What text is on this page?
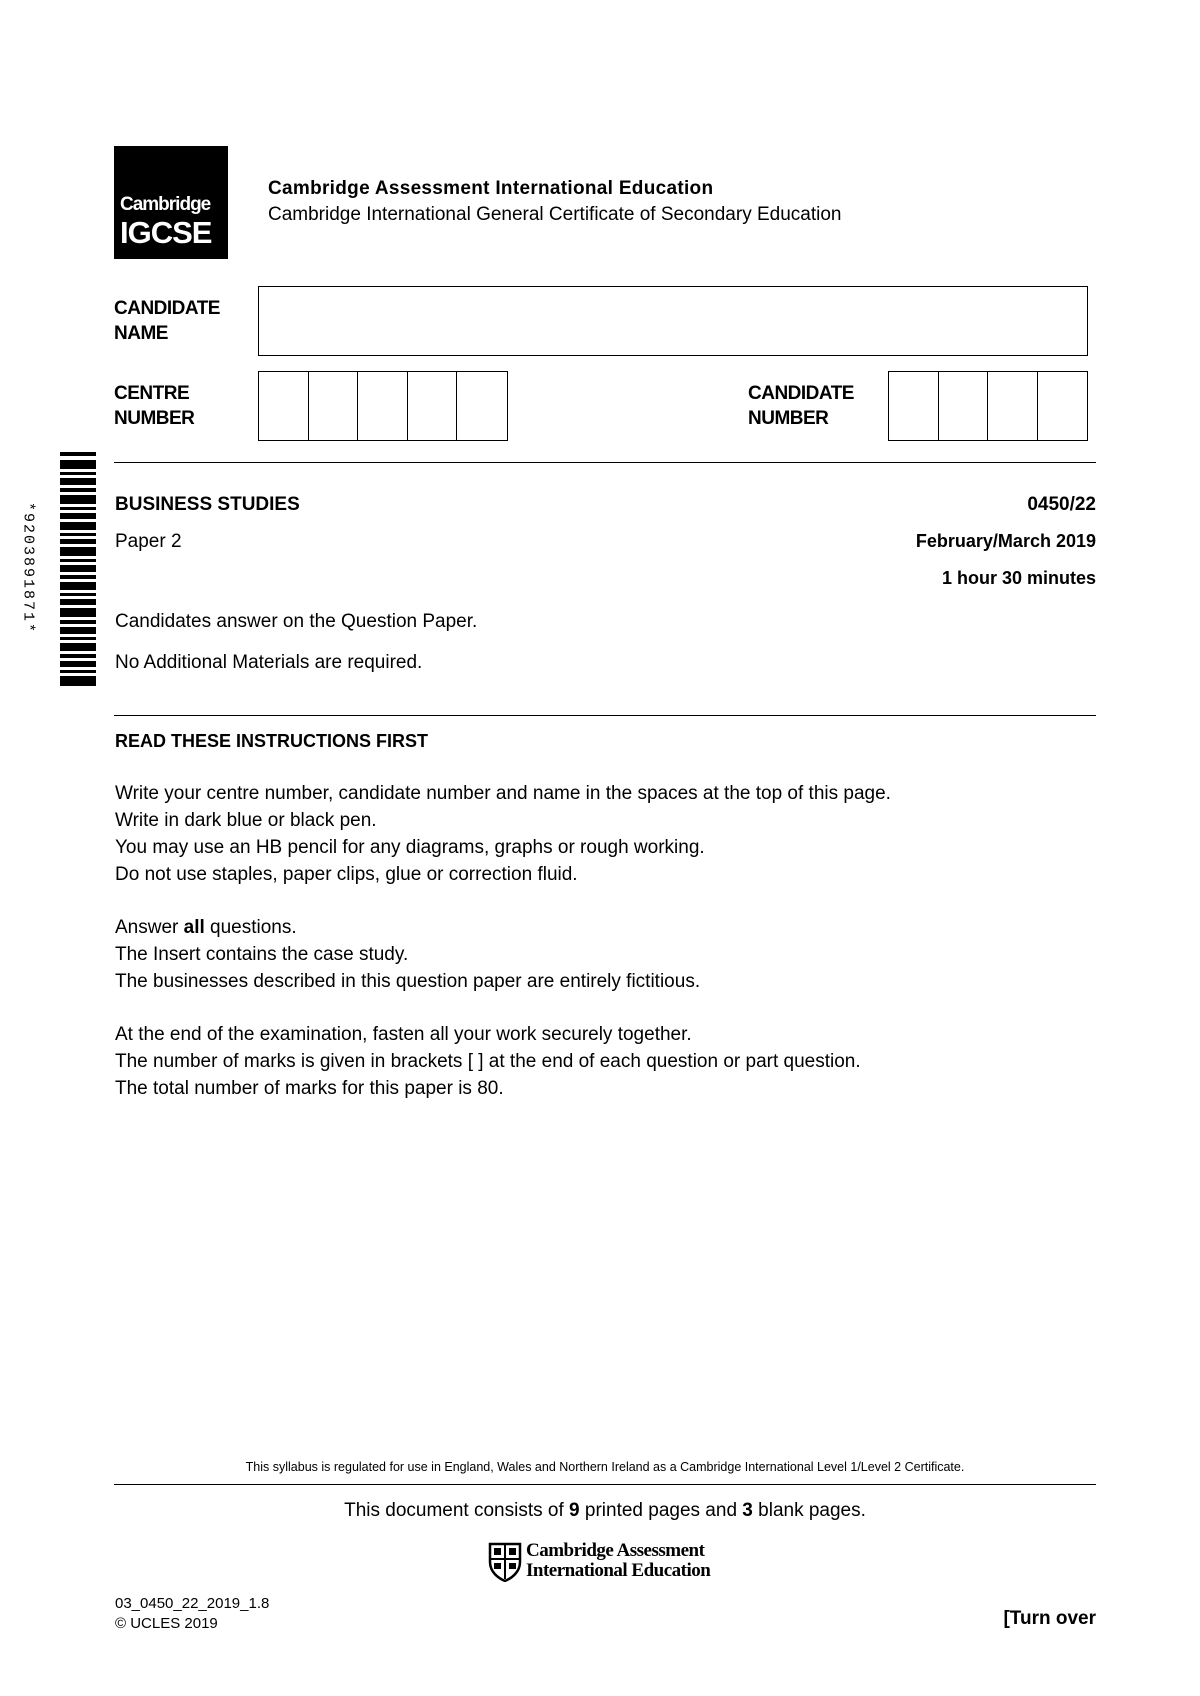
Cambridge
IGCSE
Cambridge Assessment International Education
Cambridge International General Certificate of Secondary Education
CANDIDATE
NAME
CENTRE
NUMBER
CANDIDATE
NUMBER
*9203891871*	BUSINESS STUDIES
Paper 2
0450/22
February/March 2019
1 hour 30 minutes
Candidates answer on the Question Paper.
No Additional Materials are required.
READ THESE INSTRUCTIONS FIRST
Write your centre number, candidate number and name in the spaces at the top of this page.
Write in dark blue or black pen.
You may use an HB pencil for any diagrams, graphs or rough working.
Do not use staples, paper clips, glue or correction fluid.
Answer all questions.
The Insert contains the case study.
The businesses described in this question paper are entirely fictitious.
At the end of the examination, fasten all your work securely together.
The number of marks is given in brackets [ ] at the end of each question or part question.
The total number of marks for this paper is 80.
This syllabus is regulated for use in England, Wales and Northern Ireland as a Cambridge International Level 1/Level 2 Certificate.
This document consists of 9 printed pages and 3 blank pages.
Cambridge Assessment
International Education
03_0450_22_2019_1.8
© UCLES 2019	[Turn over
